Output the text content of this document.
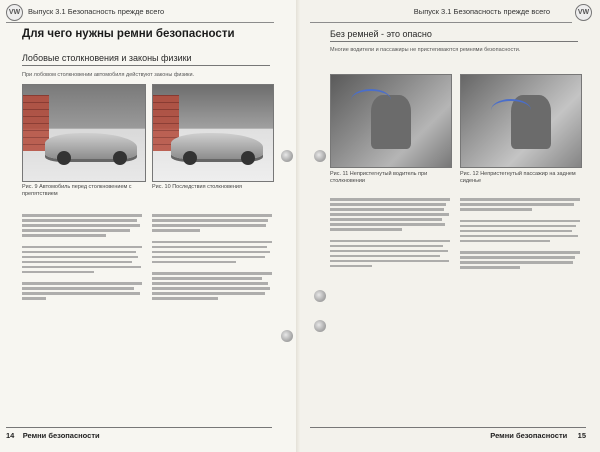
VW	Выпуск 3.1 Безопасность прежде всего
Для чего нужны ремни безопасности
Лобовые столкновения и законы физики
При лобовом столкновении автомобиля действуют законы физики.
Рис. 9 Автомобиль перед столкновением с препятствием
Рис. 10 Последствия столкновения
14 Ремни безопасности
VW
Выпуск 3.1 Безопасность прежде всего
Без ремней - это опасно
Многие водители и пассажиры не пристегиваются ремнями безопасности.
Рис. 11 Непристегнутый водитель при столкновении
Рис. 12 Непристегнутый пассажир на заднем сиденье
Ремни безопасности 15
